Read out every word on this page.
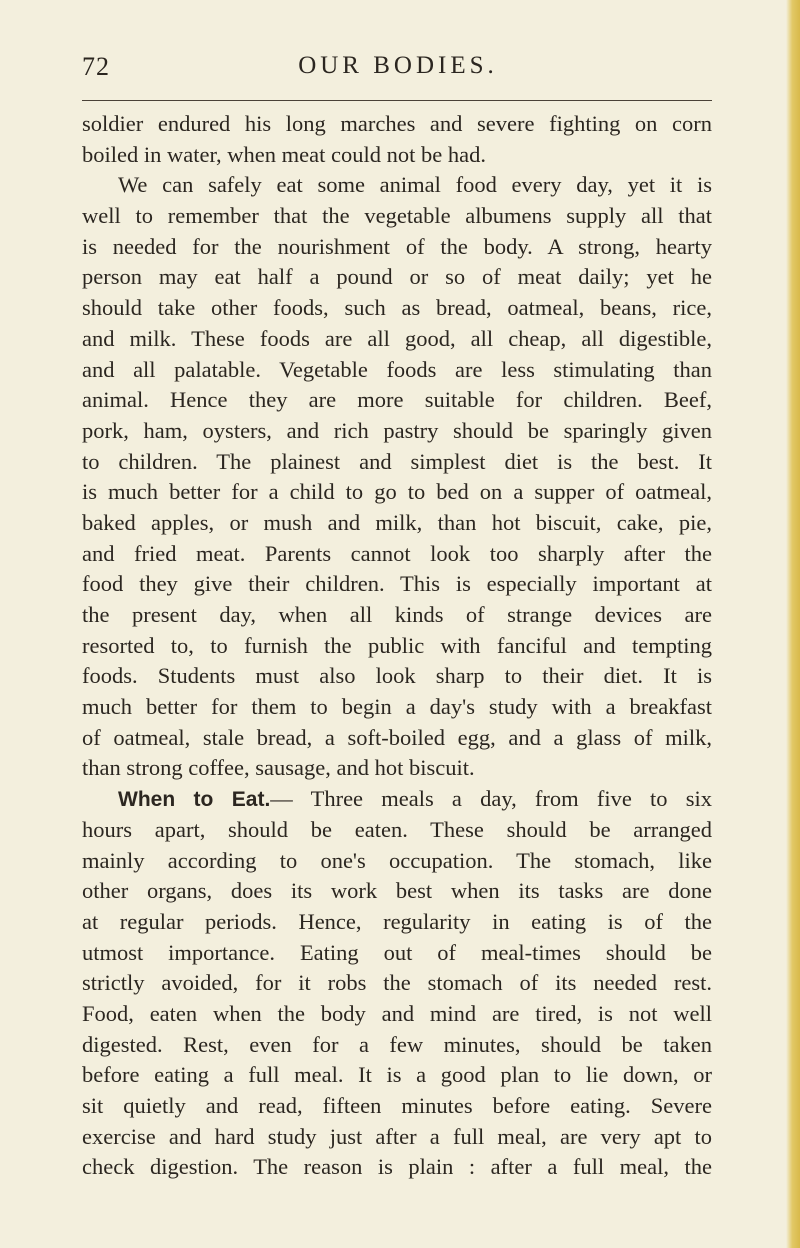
72	OUR BODIES.
soldier endured his long marches and severe fighting on corn
boiled in water, when meat could not be had.
We can safely eat some animal food every day, yet it is
well to remember that the vegetable albumens supply all that
is needed for the nourishment of the body. A strong, hearty
person may eat half a pound or so of meat daily; yet he
should take other foods, such as bread, oatmeal, beans, rice,
and milk. These foods are all good, all cheap, all digestible,
and all palatable. Vegetable foods are less stimulating than
animal. Hence they are more suitable for children. Beef,
pork, ham, oysters, and rich pastry should be sparingly given
to children. The plainest and simplest diet is the best. It
is much better for a child to go to bed on a supper of oatmeal,
baked apples, or mush and milk, than hot biscuit, cake, pie,
and fried meat. Parents cannot look too sharply after the
food they give their children. This is especially important at
the present day, when all kinds of strange devices are
resorted to, to furnish the public with fanciful and tempting
foods. Students must also look sharp to their diet. It is
much better for them to begin a day's study with a breakfast
of oatmeal, stale bread, a soft-boiled egg, and a glass of milk,
than strong coffee, sausage, and hot biscuit.
When to Eat.— Three meals a day, from five to six
hours apart, should be eaten. These should be arranged
mainly according to one's occupation. The stomach, like
other organs, does its work best when its tasks are done
at regular periods. Hence, regularity in eating is of the
utmost importance. Eating out of meal-times should be
strictly avoided, for it robs the stomach of its needed rest.
Food, eaten when the body and mind are tired, is not well
digested. Rest, even for a few minutes, should be taken
before eating a full meal. It is a good plan to lie down, or
sit quietly and read, fifteen minutes before eating. Severe
exercise and hard study just after a full meal, are very apt to
check digestion. The reason is plain : after a full meal, the
